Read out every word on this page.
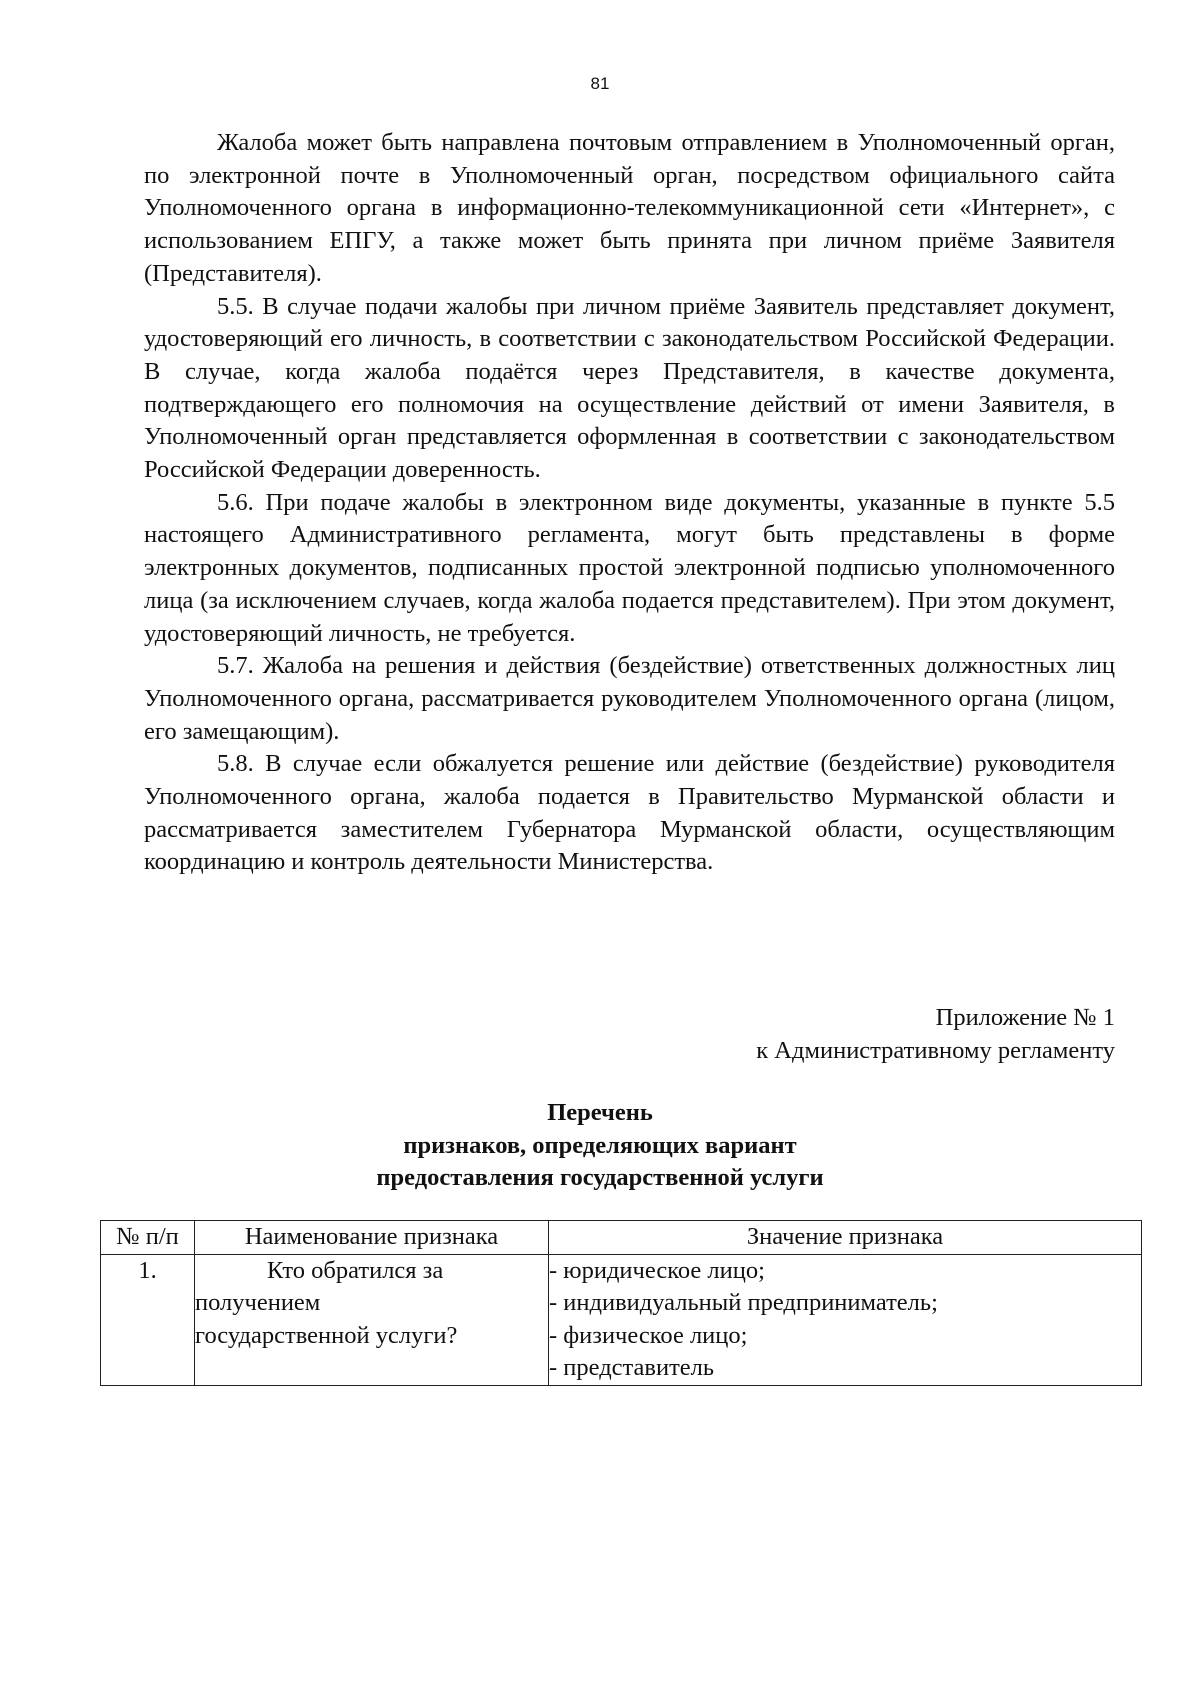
81

Жалоба может быть направлена почтовым отправлением в Уполномоченный орган, по электронной почте в Уполномоченный орган, посредством официального сайта Уполномоченного органа в информационно-телекоммуникационной сети «Интернет», с использованием ЕПГУ, а также может быть принята при личном приёме Заявителя (Представителя).

5.5. В случае подачи жалобы при личном приёме Заявитель представляет документ, удостоверяющий его личность, в соответствии с законодательством Российской Федерации. В случае, когда жалоба подаётся через Представителя, в качестве документа, подтверждающего его полномочия на осуществление действий от имени Заявителя, в Уполномоченный орган представляется оформленная в соответствии с законодательством Российской Федерации доверенность.

5.6. При подаче жалобы в электронном виде документы, указанные в пункте 5.5 настоящего Административного регламента, могут быть представлены в форме электронных документов, подписанных простой электронной подписью уполномоченного лица (за исключением случаев, когда жалоба подается представителем). При этом документ, удостоверяющий личность, не требуется.

5.7. Жалоба на решения и действия (бездействие) ответственных должностных лиц Уполномоченного органа, рассматривается руководителем Уполномоченного органа (лицом, его замещающим).

5.8. В случае если обжалуется решение или действие (бездействие) руководителя Уполномоченного органа, жалоба подается в Правительство Мурманской области и рассматривается заместителем Губернатора Мурманской области, осуществляющим координацию и контроль деятельности Министерства.

Приложение № 1
к Административному регламенту
Перечень
признаков, определяющих вариант
предоставления государственной услуги
№ п/п	Наименование признака	Значение признака
1.	Кто обратился за
получением
государственной услуги?	- юридическое лицо;
- индивидуальный предприниматель;
- физическое лицо;
- представитель
